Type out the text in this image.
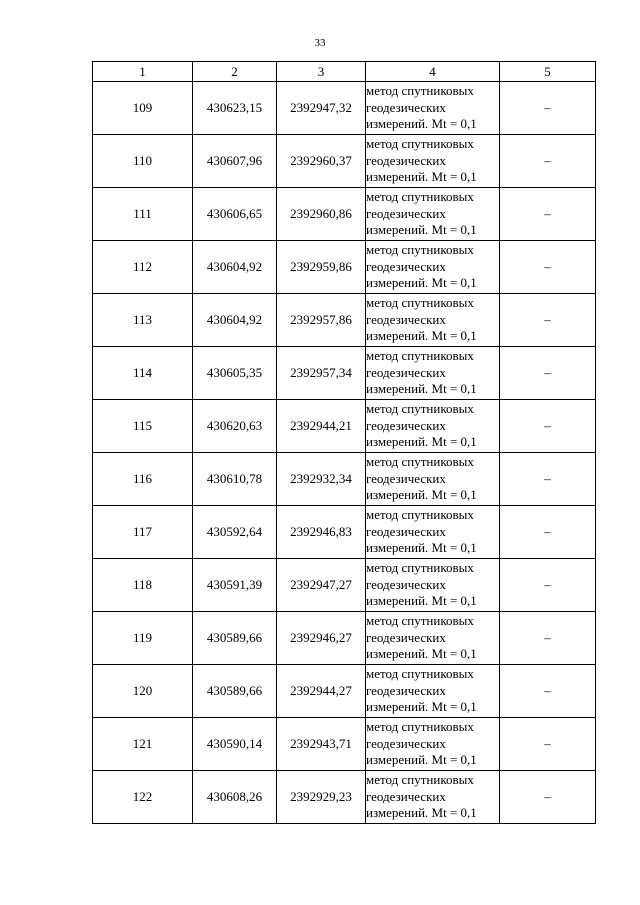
33
1	2	3	4	5
109	430623,15	2392947,32	метод спутниковых
геодезических
измерений. Mt = 0,1	–
110	430607,96	2392960,37	метод спутниковых
геодезических
измерений. Mt = 0,1	–
111	430606,65	2392960,86	метод спутниковых
геодезических
измерений. Mt = 0,1	–
112	430604,92	2392959,86	метод спутниковых
геодезических
измерений. Mt = 0,1	–
113	430604,92	2392957,86	метод спутниковых
геодезических
измерений. Mt = 0,1	–
114	430605,35	2392957,34	метод спутниковых
геодезических
измерений. Mt = 0,1	–
115	430620,63	2392944,21	метод спутниковых
геодезических
измерений. Mt = 0,1	–
116	430610,78	2392932,34	метод спутниковых
геодезических
измерений. Mt = 0,1	–
117	430592,64	2392946,83	метод спутниковых
геодезических
измерений. Mt = 0,1	–
118	430591,39	2392947,27	метод спутниковых
геодезических
измерений. Mt = 0,1	–
119	430589,66	2392946,27	метод спутниковых
геодезических
измерений. Mt = 0,1	–
120	430589,66	2392944,27	метод спутниковых
геодезических
измерений. Mt = 0,1	–
121	430590,14	2392943,71	метод спутниковых
геодезических
измерений. Mt = 0,1	–
122	430608,26	2392929,23	метод спутниковых
геодезических
измерений. Mt = 0,1	–
